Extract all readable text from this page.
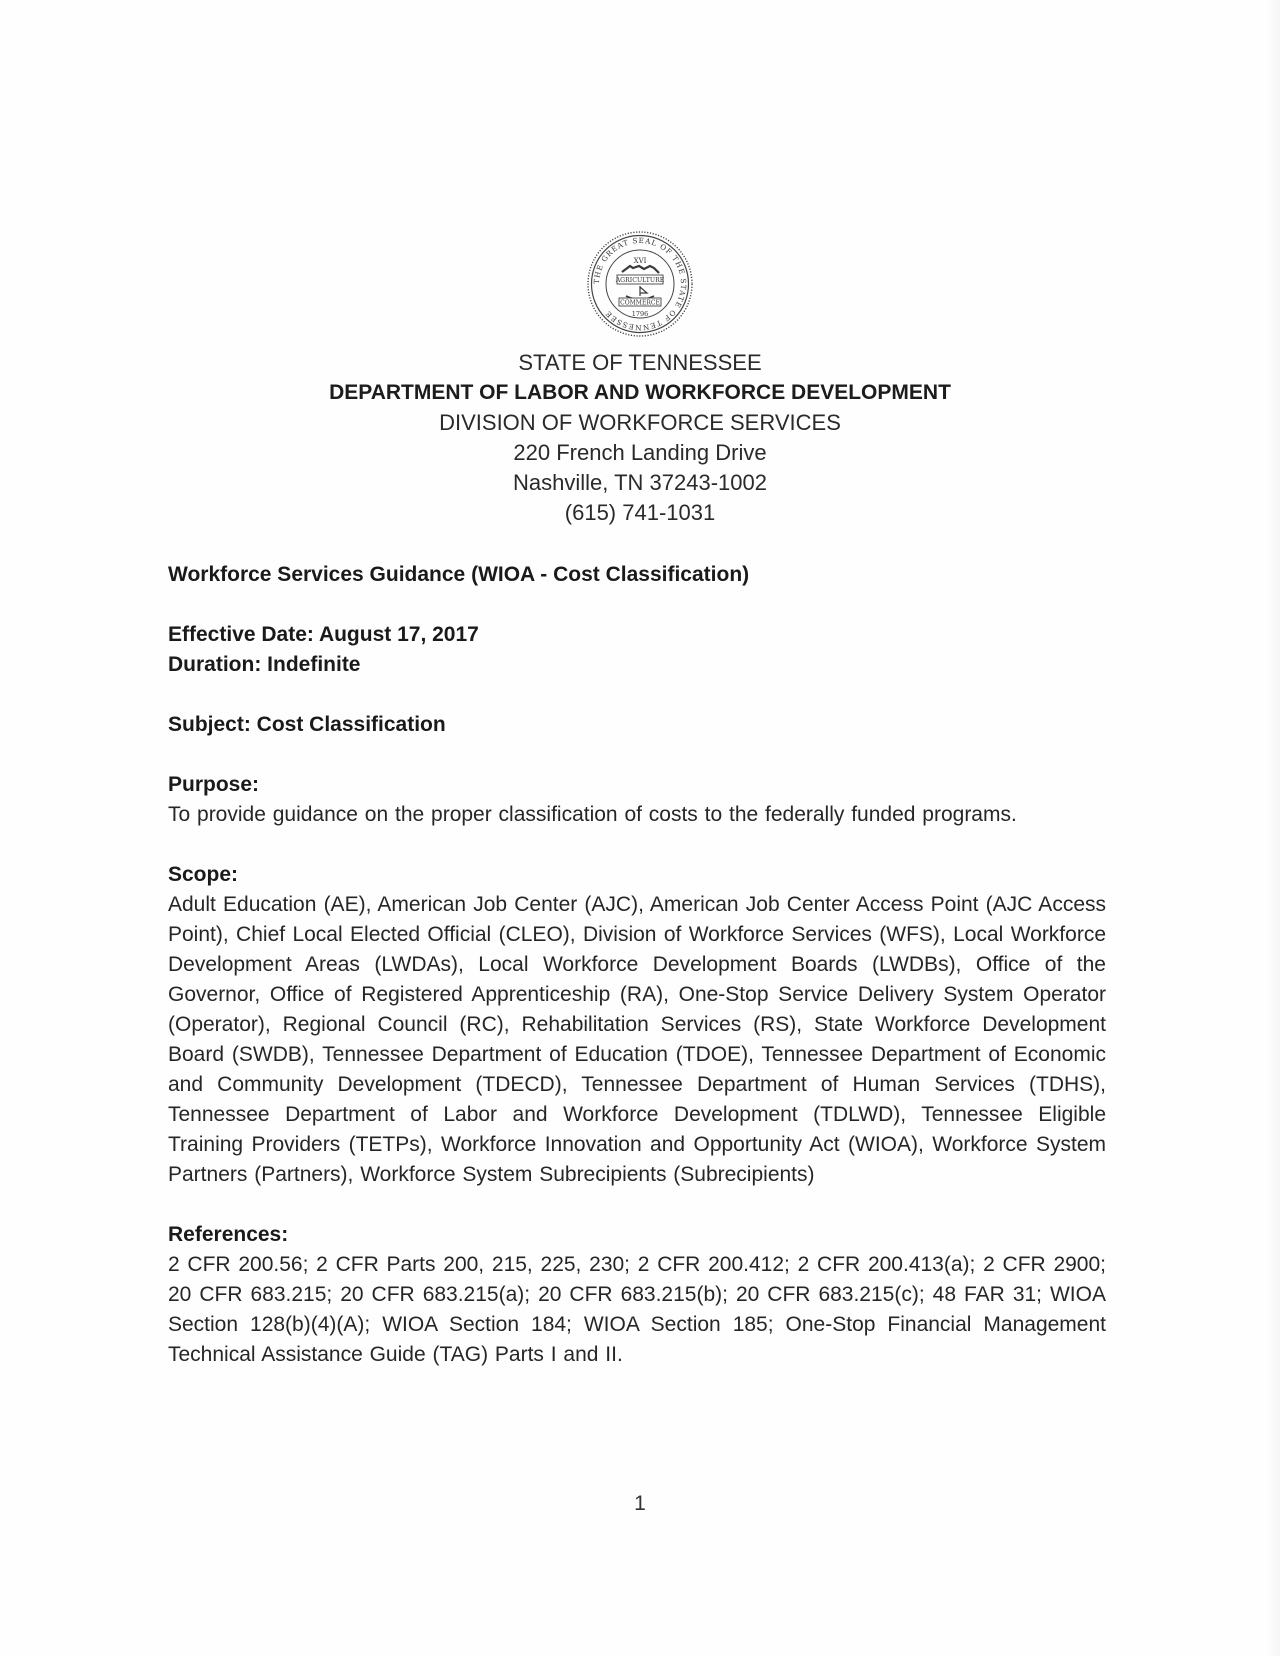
THE GREAT SEAL OF THE STATE OF TENNESSEE
XVI
AGRICULTURE
COMMERCE
1796
STATE OF TENNESSEE
DEPARTMENT OF LABOR AND WORKFORCE DEVELOPMENT
DIVISION OF WORKFORCE SERVICES
220 French Landing Drive
Nashville, TN 37243-1002
(615) 741-1031
Workforce Services Guidance (WIOA - Cost Classification)
Effective Date: August 17, 2017
Duration: Indefinite
Subject: Cost Classification
Purpose:
To provide guidance on the proper classification of costs to the federally funded programs.
Scope:
Adult Education (AE), American Job Center (AJC), American Job Center Access Point (AJC Access Point), Chief Local Elected Official (CLEO), Division of Workforce Services (WFS), Local Workforce Development Areas (LWDAs), Local Workforce Development Boards (LWDBs), Office of the Governor, Office of Registered Apprenticeship (RA), One-Stop Service Delivery System Operator (Operator), Regional Council (RC), Rehabilitation Services (RS), State Workforce Development Board (SWDB), Tennessee Department of Education (TDOE), Tennessee Department of Economic and Community Development (TDECD), Tennessee Department of Human Services (TDHS), Tennessee Department of Labor and Workforce Development (TDLWD), Tennessee Eligible Training Providers (TETPs), Workforce Innovation and Opportunity Act (WIOA), Workforce System Partners (Partners), Workforce System Subrecipients (Subrecipients)
References:
2 CFR 200.56; 2 CFR Parts 200, 215, 225, 230; 2 CFR 200.412; 2 CFR 200.413(a); 2 CFR 2900; 20 CFR 683.215; 20 CFR 683.215(a); 20 CFR 683.215(b); 20 CFR 683.215(c); 48 FAR 31; WIOA Section 128(b)(4)(A); WIOA Section 184; WIOA Section 185; One-Stop Financial Management Technical Assistance Guide (TAG) Parts I and II.
1
